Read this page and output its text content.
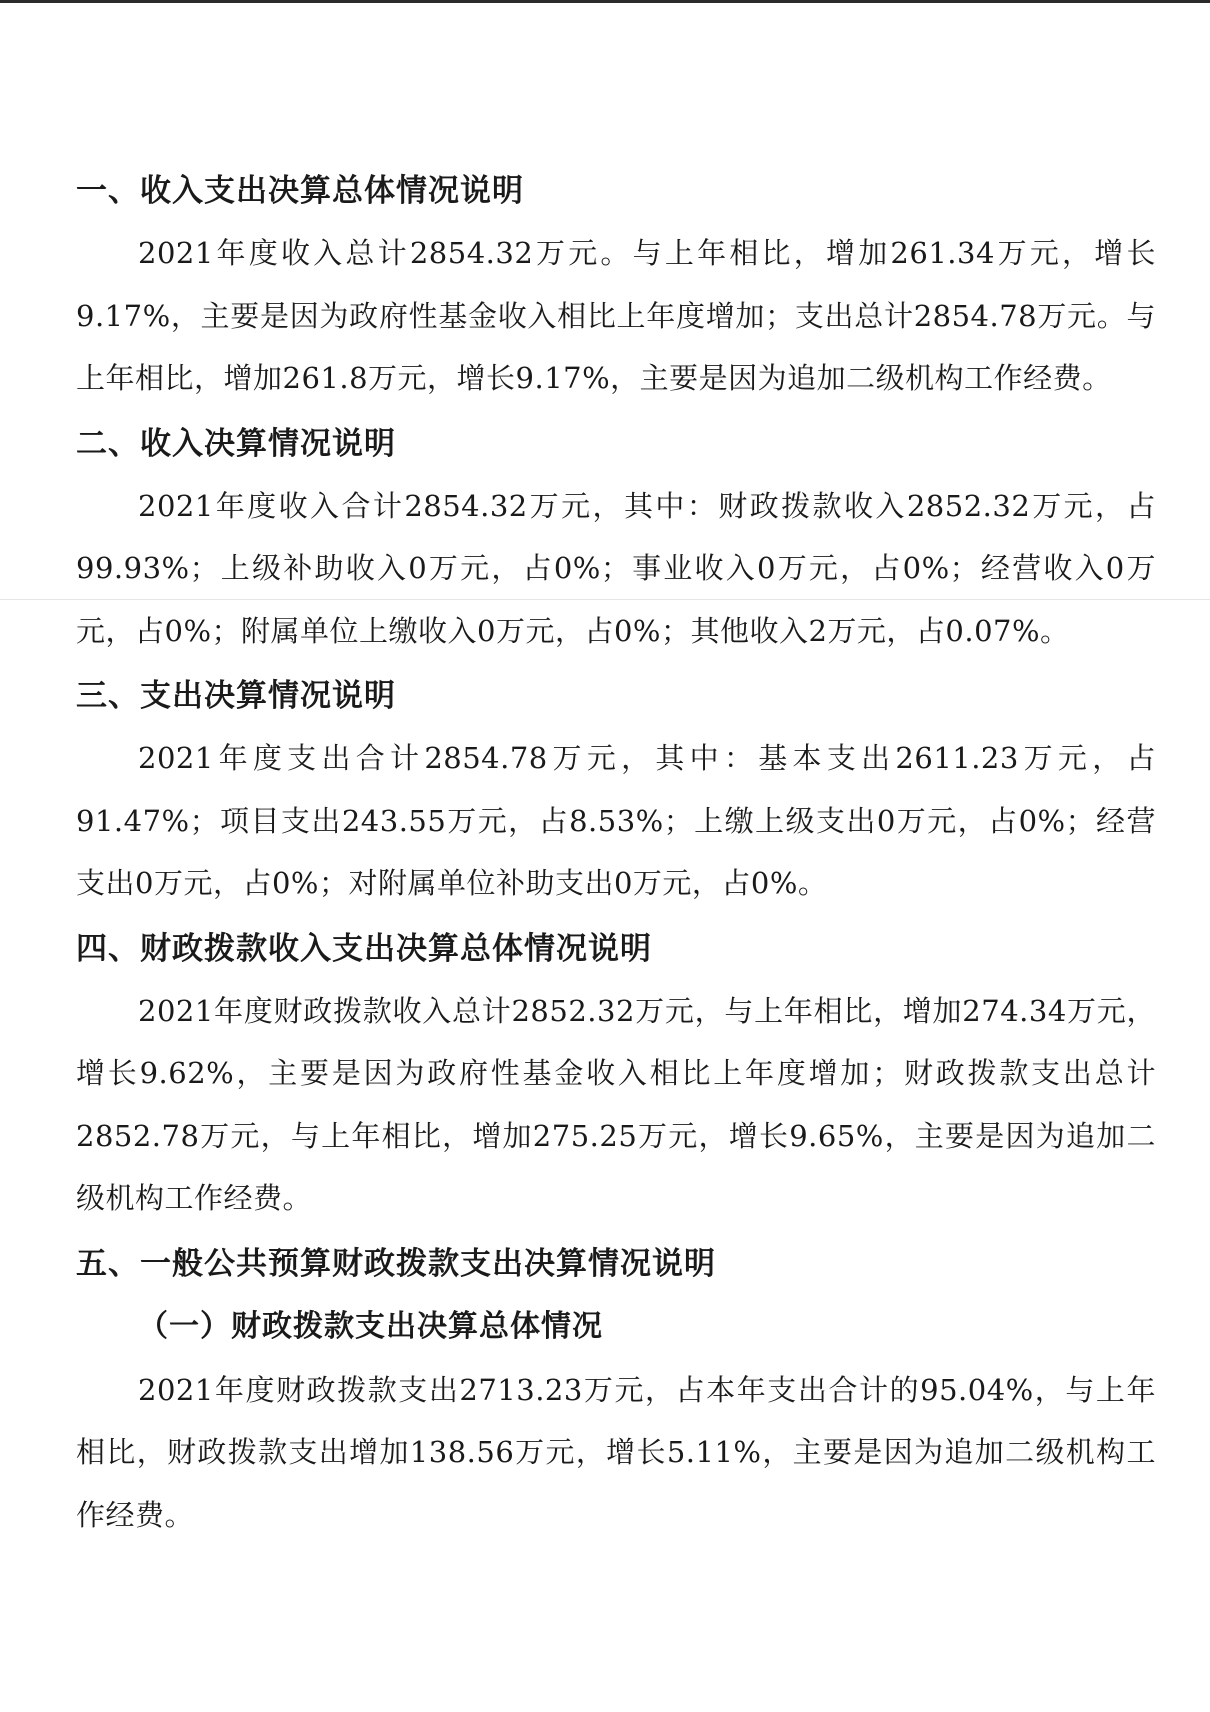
一、收入支出决算总体情况说明

2021年度收入总计2854.32万元。与上年相比，增加261.34万元，增长9.17%，主要是因为政府性基金收入相比上年度增加；支出总计2854.78万元。与上年相比，增加261.8万元，增长9.17%，主要是因为追加二级机构工作经费。

二、收入决算情况说明

2021年度收入合计2854.32万元，其中：财政拨款收入2852.32万元，占99.93%；上级补助收入0万元，占0%；事业收入0万元，占0%；经营收入0万元，占0%；附属单位上缴收入0万元，占0%；其他收入2万元，占0.07%。

三、支出决算情况说明

2021年度支出合计2854.78万元，其中：基本支出2611.23万元，占91.47%；项目支出243.55万元，占8.53%；上缴上级支出0万元，占0%；经营支出0万元，占0%；对附属单位补助支出0万元，占0%。

四、财政拨款收入支出决算总体情况说明

2021年度财政拨款收入总计2852.32万元，与上年相比，增加274.34万元，增长9.62%，主要是因为政府性基金收入相比上年度增加；财政拨款支出总计2852.78万元，与上年相比，增加275.25万元，增长9.65%，主要是因为追加二级机构工作经费。

五、一般公共预算财政拨款支出决算情况说明
（一）财政拨款支出决算总体情况

2021年度财政拨款支出2713.23万元，占本年支出合计的95.04%，与上年相比，财政拨款支出增加138.56万元，增长5.11%，主要是因为追加二级机构工作经费。
